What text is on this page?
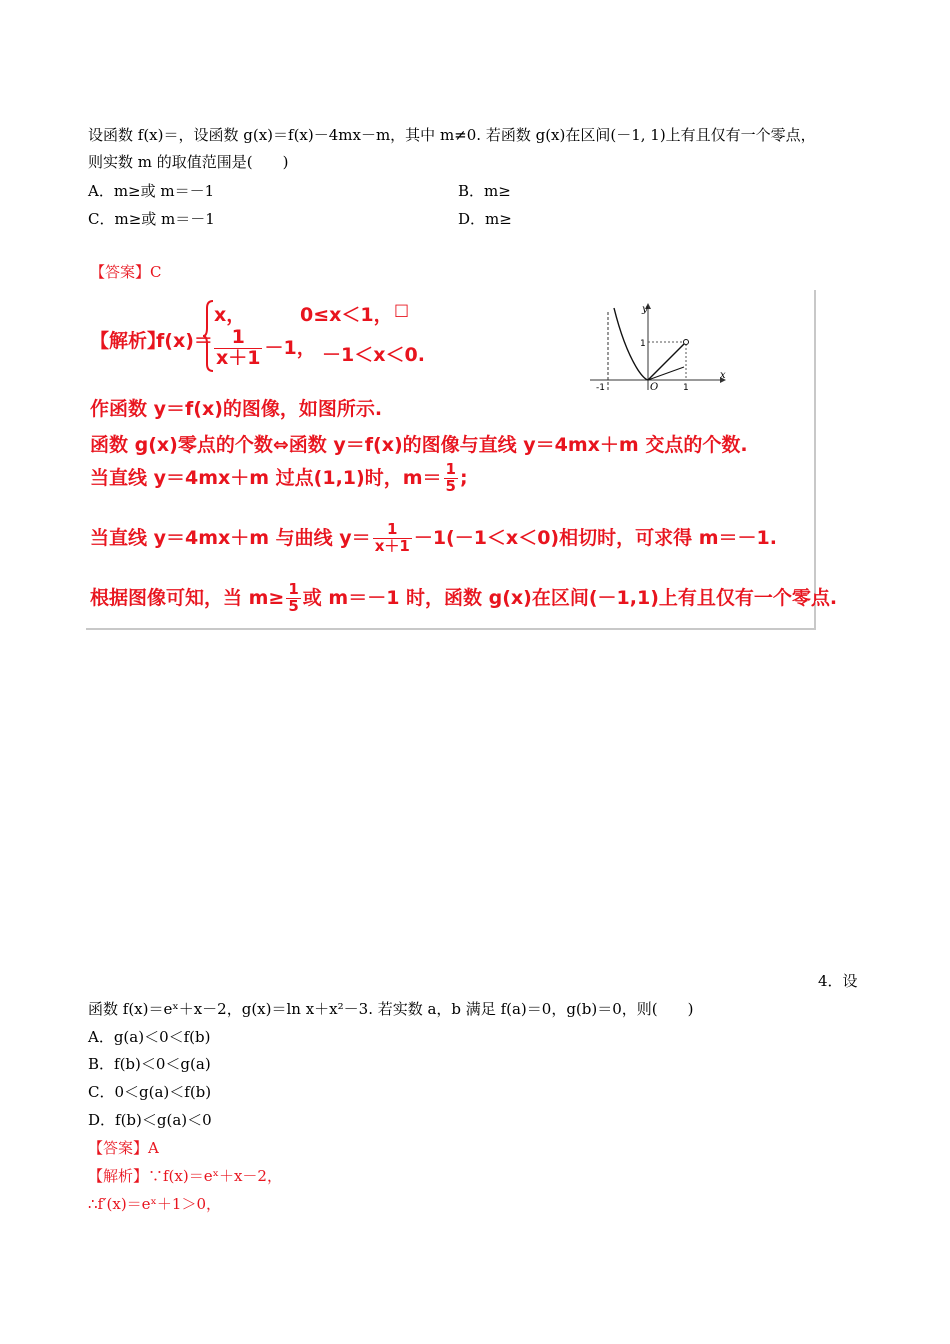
设函数 f(x)＝，设函数 g(x)＝f(x)－4mx－m，其中 m≠0. 若函数 g(x)在区间(－1, 1)上有且仅有一个零点，
则实数 m 的取值范围是(　　)
A．m≥或 m＝－1	B．m≥
C．m≥或 m＝－1	D．m≥
【答案】C
【解析】
f(x)＝
x，	0≤x＜1， □
$\frac{1}{x+1} -1$， －1＜x＜0.
y
x
O
-1	1
1
作函数 y＝f(x)的图像，如图所示.
函数 g(x)零点的个数⇔函数 y＝f(x)的图像与直线 y＝4mx＋m 交点的个数.
当直线 y＝4mx＋m 过点(1,1)时，$m= \frac{1}{5}$ ;
当直线 y＝4mx＋m 与曲线 $y= \frac{1}{x+1} -1(-1<x<0)$相切时，可求得 m＝－1.
根据图像可知，当 $m\ge \frac{1}{5}$ 或 m＝－1 时，函数 g(x)在区间(－1,1)上有且仅有一个零点.
4．设
函数 f(x)＝eˣ＋x－2，g(x)＝ln x＋x²－3. 若实数 a，b 满足 f(a)＝0，g(b)＝0，则(　　)
A．g(a)＜0＜f(b)
B．f(b)＜0＜g(a)
C．0＜g(a)＜f(b)
D．f(b)＜g(a)＜0
【答案】A
【解析】∵f(x)＝eˣ＋x－2，
∴f′(x)＝eˣ＋1＞0，
